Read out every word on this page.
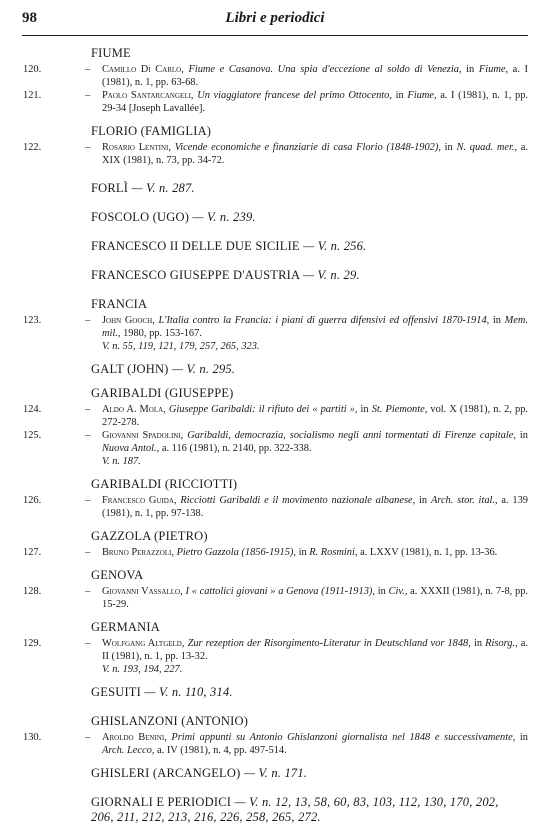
98	Libri e periodici
FIUME
120.	– Camillo Di Carlo, Fiume e Casanova. Una spia d'eccezione al soldo di Venezia, in Fiume, a. I (1981), n. 1, pp. 63-68.
121.	– Paolo Santarcangeli, Un viaggiatore francese del primo Ottocento, in Fiume, a. I (1981), n. 1, pp. 29-34 [Joseph Lavallée].
FLORIO (FAMIGLIA)
122.	– Rosario Lentini, Vicende economiche e finanziarie di casa Florio (1848-1902), in N. quad. mer., a. XIX (1981), n. 73, pp. 34-72.
FORLÌ — V. n. 287.
FOSCOLO (UGO) — V. n. 239.
FRANCESCO II DELLE DUE SICILIE — V. n. 256.
FRANCESCO GIUSEPPE D'AUSTRIA — V. n. 29.
FRANCIA
123.	– John Gooch, L'Italia contro la Francia: i piani di guerra difensivi ed offensivi 1870-1914, in Mem. mil., 1980, pp. 153-167.
V. n. 55, 119, 121, 179, 257, 265, 323.
GALT (JOHN) — V. n. 295.
GARIBALDI (GIUSEPPE)
124.	– Aldo A. Mola, Giuseppe Garibaldi: il rifiuto dei « partiti », in St. Piemonte, vol. X (1981), n. 2, pp. 272-278.
125.	– Giovanni Spadolini, Garibaldi, democrazia, socialismo negli anni tormentati di Firenze capitale, in Nuova Antol., a. 116 (1981), n. 2140, pp. 322-338.
V. n. 187.
GARIBALDI (RICCIOTTI)
126.	– Francesco Guida, Ricciotti Garibaldi e il movimento nazionale albanese, in Arch. stor. ital., a. 139 (1981), n. 1, pp. 97-138.
GAZZOLA (PIETRO)
127.	– Bruno Perazzoli, Pietro Gazzola (1856-1915), in R. Rosmini, a. LXXV (1981), n. 1, pp. 13-36.
GENOVA
128.	– Giovanni Vassallo, I « cattolici giovani » a Genova (1911-1913), in Civ., a. XXXII (1981), n. 7-8, pp. 15-29.
GERMANIA
129.	– Wolfgang Altgeld, Zur rezeption der Risorgimento-Literatur in Deutschland vor 1848, in Risorg., a. II (1981), n. 1, pp. 13-32.
V. n. 193, 194, 227.
GESUITI — V. n. 110, 314.
GHISLANZONI (ANTONIO)
130.	– Aroldo Benini, Primi appunti su Antonio Ghislanzoni giornalista nel 1848 e successivamente, in Arch. Lecco, a. IV (1981), n. 4, pp. 497-514.
GHISLERI (ARCANGELO) — V. n. 171.
GIORNALI E PERIODICI — V. n. 12, 13, 58, 60, 83, 103, 112, 130, 170, 202,
206, 211, 212, 213, 216, 226, 258, 265, 272.
